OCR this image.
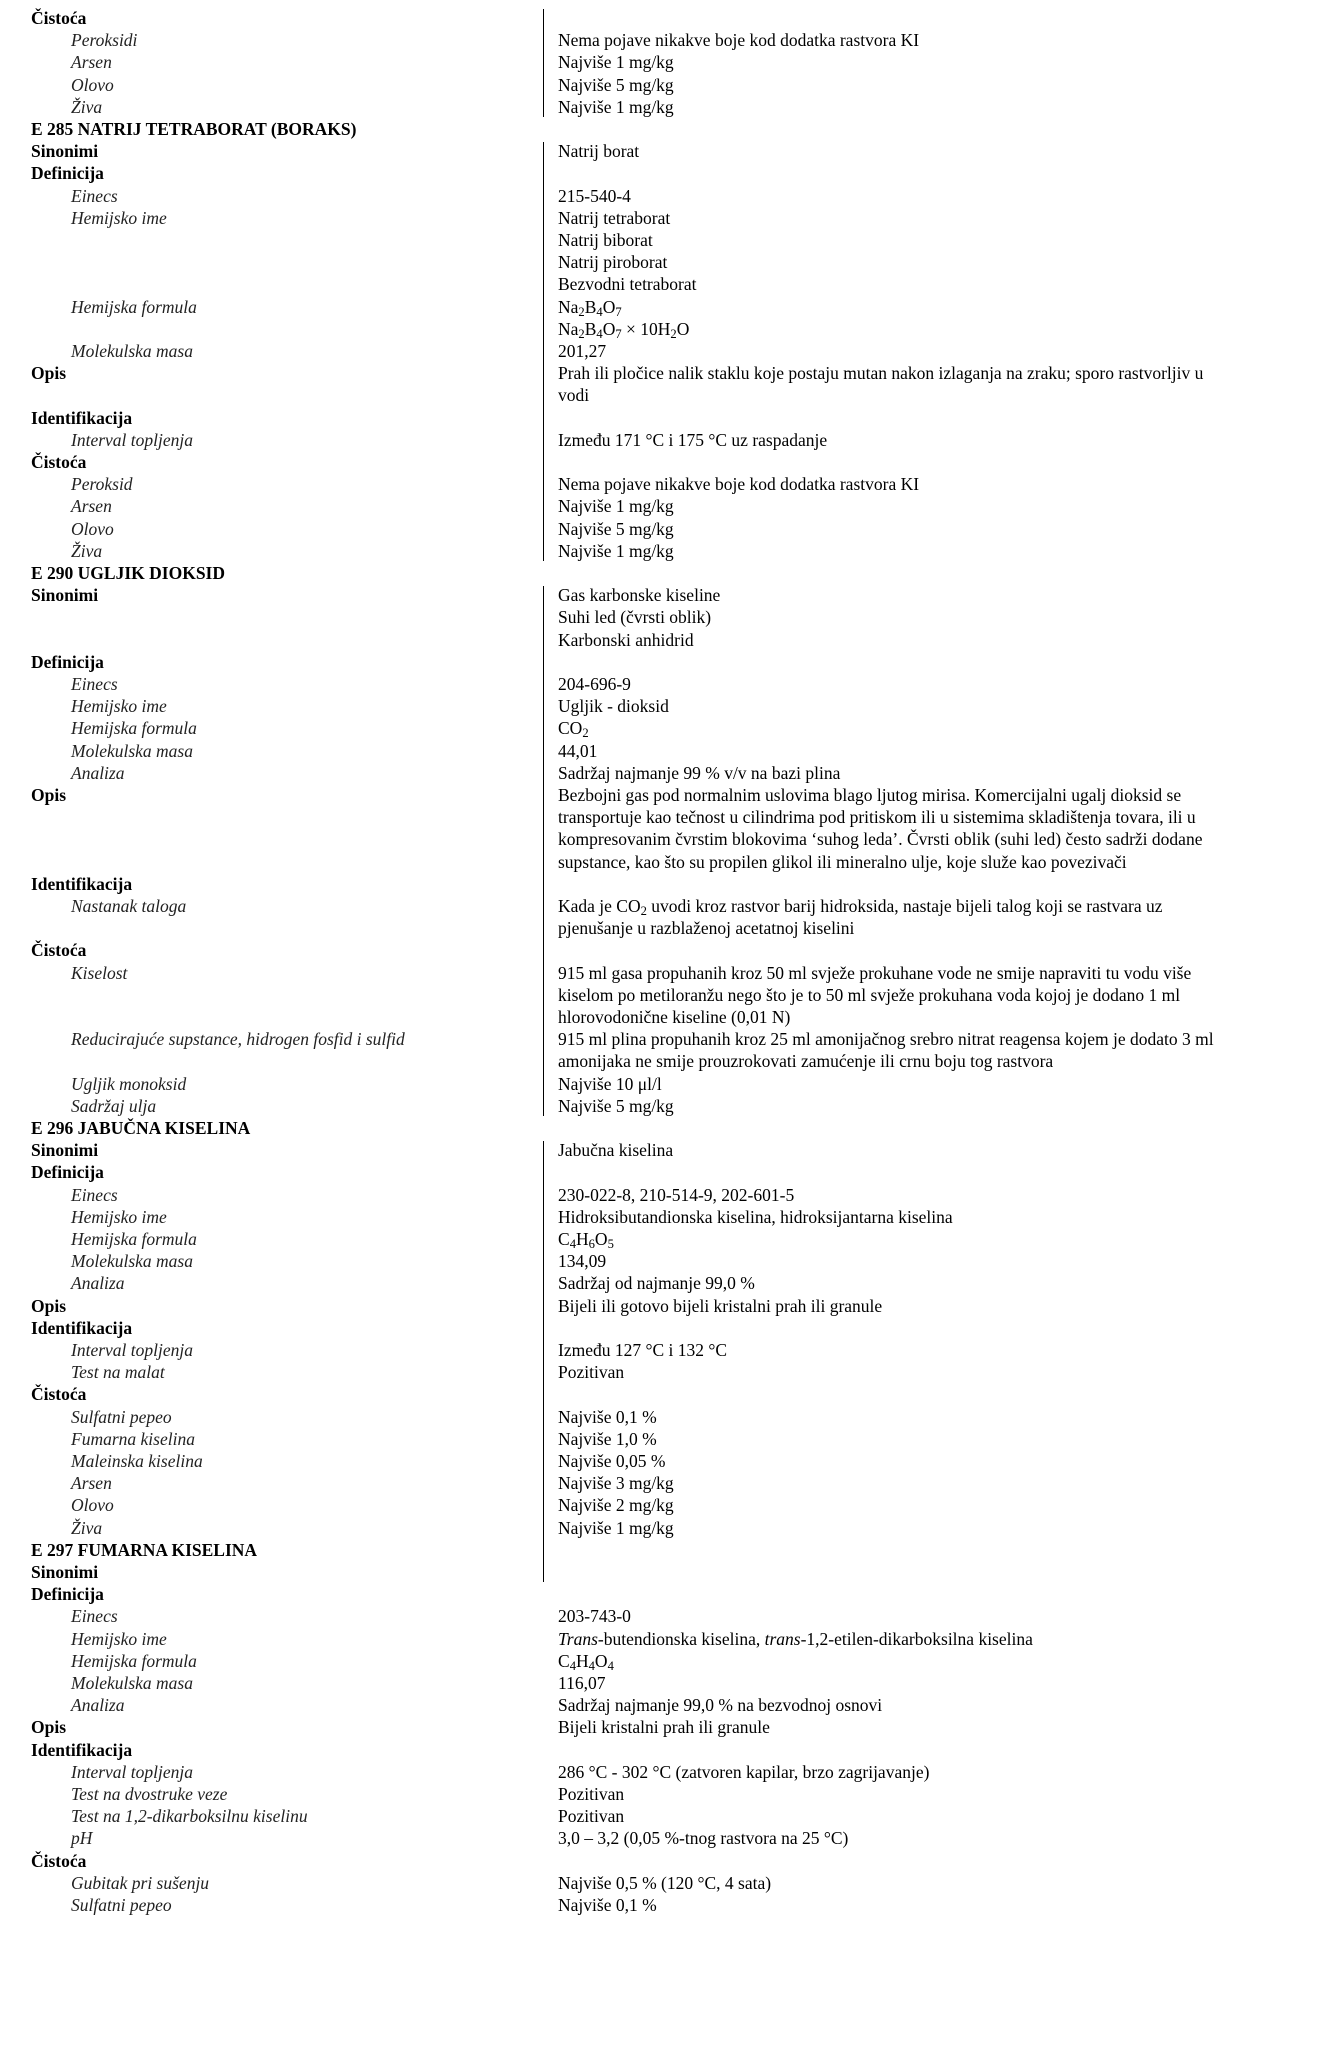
Čistoća
Peroksidi	Nema pojave nikakve boje kod dodatka rastvora KI
Arsen	Najviše 1 mg/kg
Olovo	Najviše 5 mg/kg
Živa	Najviše 1 mg/kg
E 285 NATRIJ TETRABORAT (BORAKS)
Sinonimi	Natrij borat
Definicija
Einecs	215-540-4
Hemijsko ime	Natrij tetraborat
Natrij biborat
Natrij piroborat
Bezvodni tetraborat
Hemijska formula	$Na_2B_4O_7$
$Na_2B_4O_7 \times 10H_2O$
Molekulska masa	201,27
Opis	Prah ili pločice nalik staklu koje postaju mutan nakon izlaganja na zraku; sporo rastvorljiv u
vodi
Identifikacija
Interval topljenja	Između 171 °C i 175 °C uz raspadanje
Čistoća
Peroksid	Nema pojave nikakve boje kod dodatka rastvora KI
Arsen	Najviše 1 mg/kg
Olovo	Najviše 5 mg/kg
Živa	Najviše 1 mg/kg
E 290 UGLJIK DIOKSID
Sinonimi	Gas karbonske kiseline
Suhi led (čvrsti oblik)
Karbonski anhidrid
Definicija
Einecs	204-696-9
Hemijsko ime	Ugljik - dioksid
Hemijska formula	$CO_2$
Molekulska masa	44,01
Analiza	Sadržaj najmanje 99 % v/v na bazi plina
Opis	Bezbojni gas pod normalnim uslovima blago ljutog mirisa. Komercijalni ugalj dioksid se
transportuje kao tečnost u cilindrima pod pritiskom ili u sistemima skladištenja tovara, ili u
kompresovanim čvrstim blokovima ‘suhog leda’. Čvrsti oblik (suhi led) često sadrži dodane
supstance, kao što su propilen glikol ili mineralno ulje, koje služe kao povezivači
Identifikacija
Nastanak taloga	Kada je $CO_2$ uvodi kroz rastvor barij hidroksida, nastaje bijeli talog koji se rastvara uz
pjenušanje u razblaženoj acetatnoj kiselini
Čistoća
Kiselost	915 ml gasa propuhanih kroz 50 ml svježe prokuhane vode ne smije napraviti tu vodu više
kiselom po metiloranžu nego što je to 50 ml svježe prokuhana voda kojoj je dodano 1 ml
hlorovodonične kiseline (0,01 N)
Reducirajuće supstance, hidrogen fosfid i sulfid	915 ml plina propuhanih kroz 25 ml amonijačnog srebro nitrat reagensa kojem je dodato 3 ml
amonijaka ne smije prouzrokovati zamućenje ili crnu boju tog rastvora
Ugljik monoksid	Najviše 10 μl/l
Sadržaj ulja	Najviše 5 mg/kg
E 296 JABUČNA KISELINA
Sinonimi	Jabučna kiselina
Definicija
Einecs	230-022-8, 210-514-9, 202-601-5
Hemijsko ime	Hidroksibutandionska kiselina, hidroksijantarna kiselina
Hemijska formula	$C_4H_6O_5$
Molekulska masa	134,09
Analiza	Sadržaj od najmanje 99,0 %
Opis	Bijeli ili gotovo bijeli kristalni prah ili granule
Identifikacija
Interval topljenja	Između 127 °C i 132 °C
Test na malat	Pozitivan
Čistoća
Sulfatni pepeo	Najviše 0,1 %
Fumarna kiselina	Najviše 1,0 %
Maleinska kiselina	Najviše 0,05 %
Arsen	Najviše 3 mg/kg
Olovo	Najviše 2 mg/kg
Živa	Najviše 1 mg/kg
E 297 FUMARNA KISELINA
Sinonimi
Definicija
Einecs	203-743-0
Hemijsko ime	Trans-butendionska kiselina, trans-1,2-etilen-dikarboksilna kiselina
Hemijska formula	$C_4H_4O_4$
Molekulska masa	116,07
Analiza	Sadržaj najmanje 99,0 % na bezvodnoj osnovi
Opis	Bijeli kristalni prah ili granule
Identifikacija
Interval topljenja	286 °C - 302 °C (zatvoren kapilar, brzo zagrijavanje)
Test na dvostruke veze	Pozitivan
Test na 1,2-dikarboksilnu kiselinu	Pozitivan
pH	3,0 – 3,2 (0,05 %-tnog rastvora na 25 °C)
Čistoća
Gubitak pri sušenju	Najviše 0,5 % (120 °C, 4 sata)
Sulfatni pepeo	Najviše 0,1 %
